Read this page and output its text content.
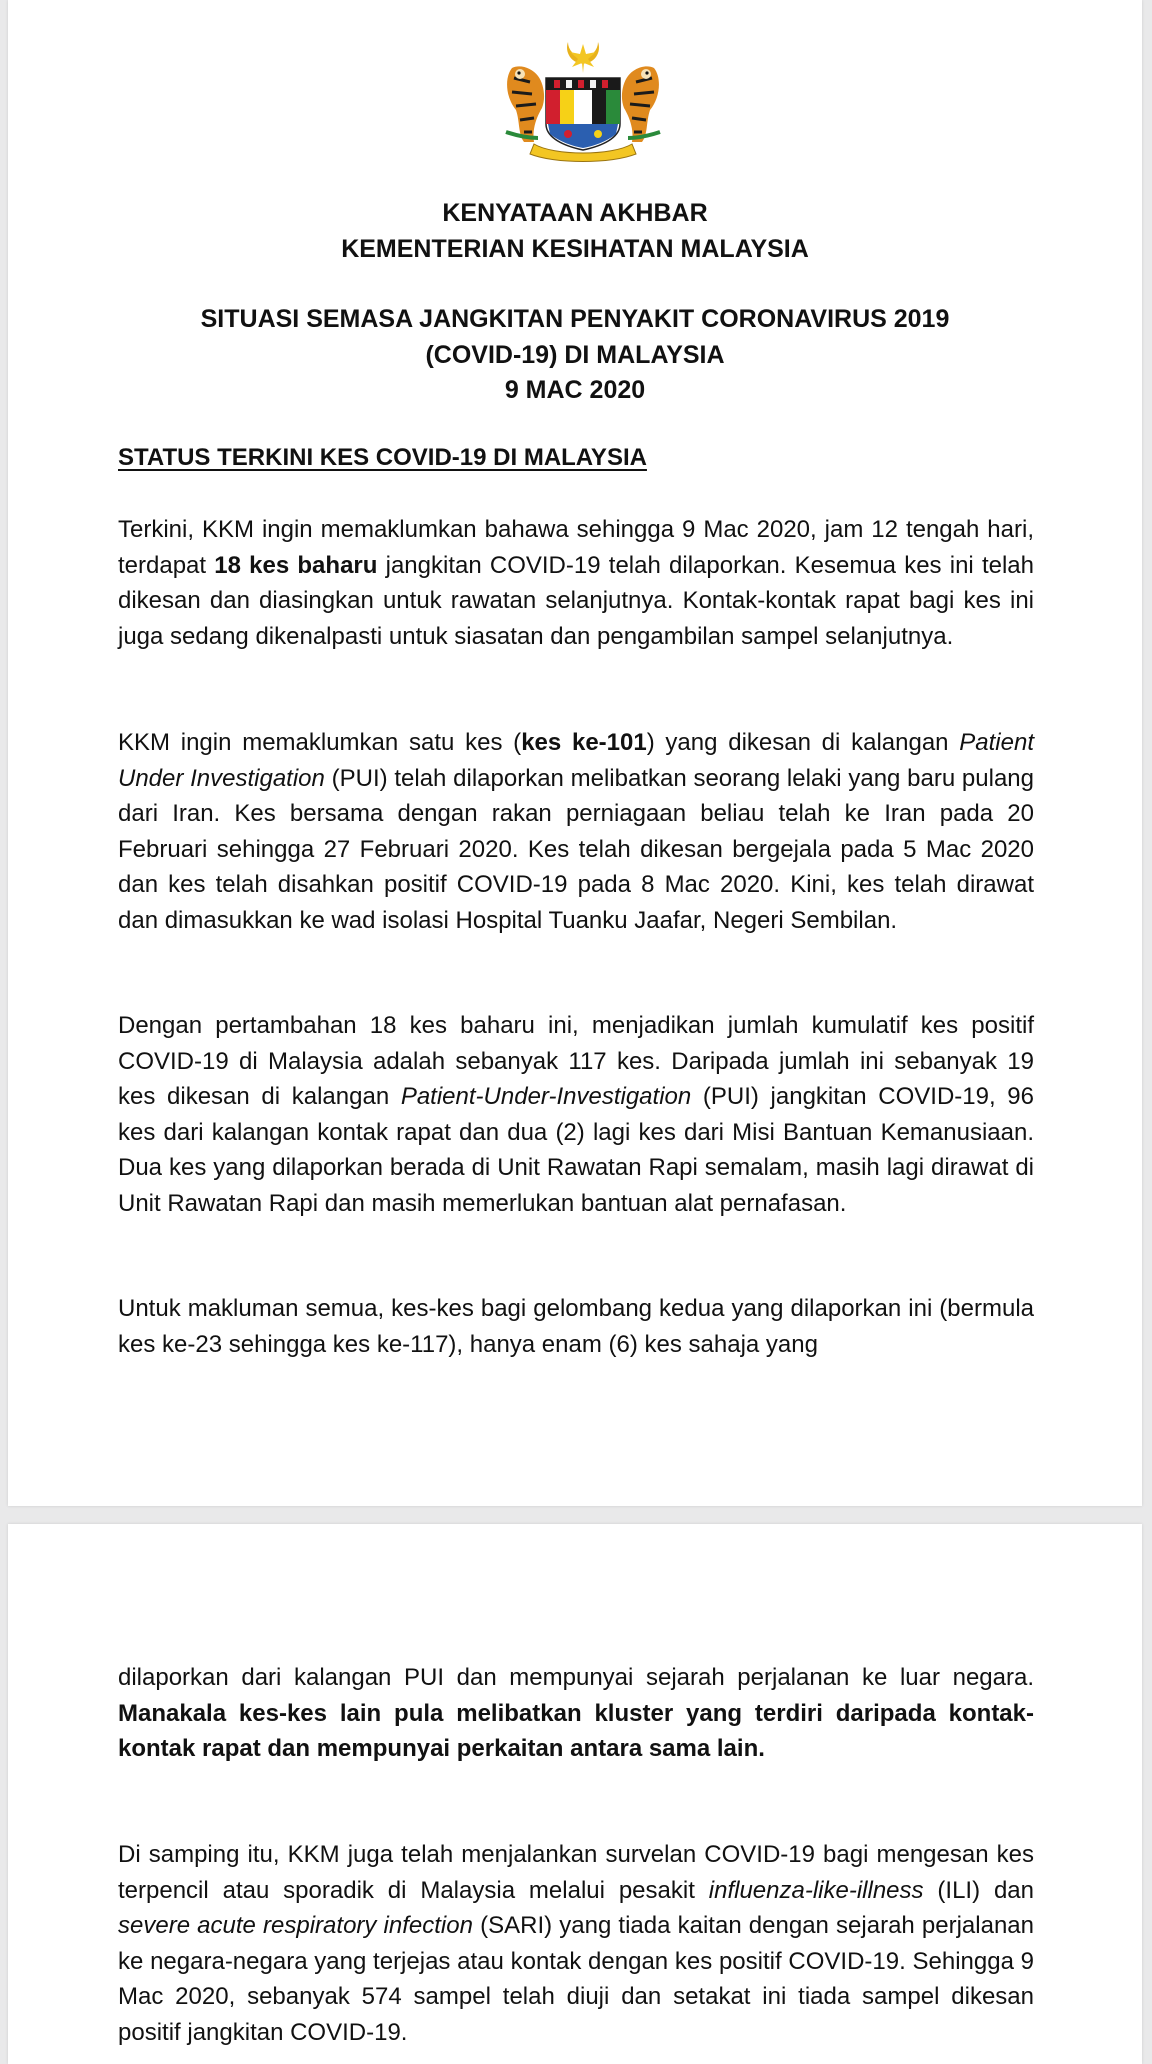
KENYATAAN AKHBAR
KEMENTERIAN KESIHATAN MALAYSIA
SITUASI SEMASA JANGKITAN PENYAKIT CORONAVIRUS 2019
(COVID-19) DI MALAYSIA
9 MAC 2020
STATUS TERKINI KES COVID-19 DI MALAYSIA

Terkini, KKM ingin memaklumkan bahawa sehingga 9 Mac 2020, jam 12 tengah hari, terdapat 18 kes baharu jangkitan COVID-19 telah dilaporkan. Kesemua kes ini telah dikesan dan diasingkan untuk rawatan selanjutnya. Kontak-kontak rapat bagi kes ini juga sedang dikenalpasti untuk siasatan dan pengambilan sampel selanjutnya.

KKM ingin memaklumkan satu kes (kes ke-101) yang dikesan di kalangan Patient Under Investigation (PUI) telah dilaporkan melibatkan seorang lelaki yang baru pulang dari Iran. Kes bersama dengan rakan perniagaan beliau telah ke Iran pada 20 Februari sehingga 27 Februari 2020. Kes telah dikesan bergejala pada 5 Mac 2020 dan kes telah disahkan positif COVID-19 pada 8 Mac 2020. Kini, kes telah dirawat dan dimasukkan ke wad isolasi Hospital Tuanku Jaafar, Negeri Sembilan.

Dengan pertambahan 18 kes baharu ini, menjadikan jumlah kumulatif kes positif COVID-19 di Malaysia adalah sebanyak 117 kes. Daripada jumlah ini sebanyak 19 kes dikesan di kalangan Patient-Under-Investigation (PUI) jangkitan COVID-19, 96 kes dari kalangan kontak rapat dan dua (2) lagi kes dari Misi Bantuan Kemanusiaan. Dua kes yang dilaporkan berada di Unit Rawatan Rapi semalam, masih lagi dirawat di Unit Rawatan Rapi dan masih memerlukan bantuan alat pernafasan.

Untuk makluman semua, kes-kes bagi gelombang kedua yang dilaporkan ini (bermula kes ke-23 sehingga kes ke-117), hanya enam (6) kes sahaja yang

dilaporkan dari kalangan PUI dan mempunyai sejarah perjalanan ke luar negara. Manakala kes-kes lain pula melibatkan kluster yang terdiri daripada kontak-kontak rapat dan mempunyai perkaitan antara sama lain.

Di samping itu, KKM juga telah menjalankan survelan COVID-19 bagi mengesan kes terpencil atau sporadik di Malaysia melalui pesakit influenza-like-illness (ILI) dan severe acute respiratory infection (SARI) yang tiada kaitan dengan sejarah perjalanan ke negara-negara yang terjejas atau kontak dengan kes positif COVID-19. Sehingga 9 Mac 2020, sebanyak 574 sampel telah diuji dan setakat ini tiada sampel dikesan positif jangkitan COVID-19.
